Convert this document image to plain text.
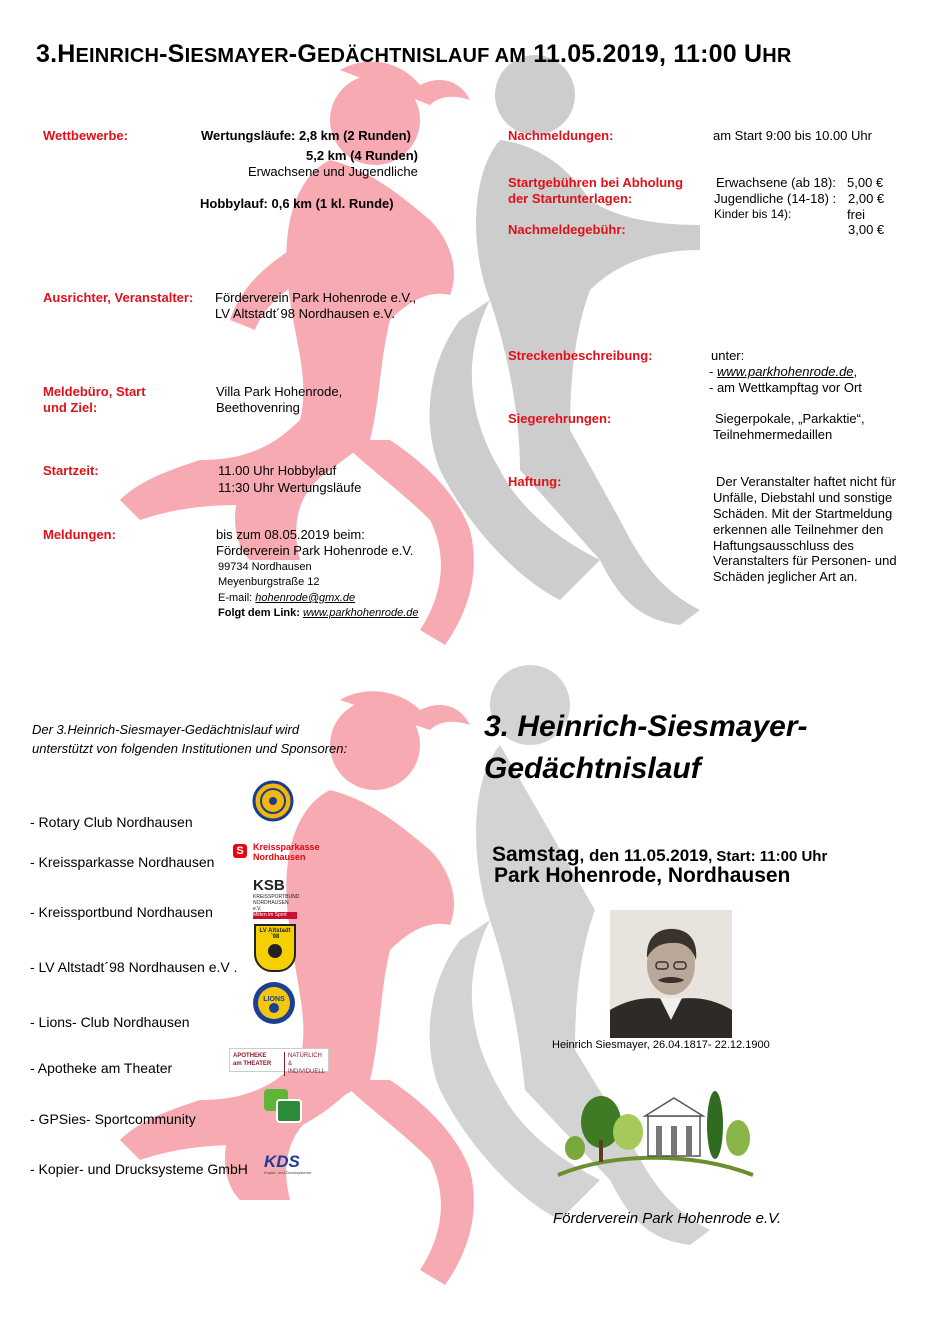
3.HEINRICH-SIESMAYER-GEDÄCHTNISLAUF AM 11.05.2019, 11:00 UHR
Wettbewerbe:	Wertungsläufe: 2,8 km (2 Runden)
5,2 km (4 Runden)
Erwachsene und Jugendliche
Hobbylauf: 0,6 km (1 kl. Runde)
Ausrichter, Veranstalter: Förderverein Park Hohenrode e.V.,
LV Altstadt´98 Nordhausen e.V.
Meldebüro, Start
und Ziel:
Villa Park Hohenrode,
Beethovenring
Startzeit:	11.00 Uhr Hobbylauf
11:30 Uhr Wertungsläufe
Meldungen:	bis zum 08.05.2019 beim:
Förderverein Park Hohenrode e.V.
99734 Nordhausen
Meyenburgstraße 12
E-mail: hohenrode@gmx.de
Folgt dem Link: www.parkhohenrode.de
Nachmeldungen:	am Start 9:00 bis 10.00 Uhr
Startgebühren bei Abholung
der Startunterlagen:
Erwachsene (ab 18): 5,00 €
Jugendliche (14-18) : 2,00 €
Kinder bis 14):	frei
Nachmeldegebühr:	3,00 €
Streckenbeschreibung:	unter:
- www.parkhohenrode.de,
- am Wettkampftag vor Ort
Siegerehrungen:	Siegerpokale, „Parkaktie“,
Teilnehmermedaillen
Haftung:	Der Veranstalter haftet nicht für
Unfälle, Diebstahl und sonstige
Schäden. Mit der Startmeldung
erkennen alle Teilnehmer den
Haftungsausschluss des
Veranstalters für Personen- und
Schäden jeglicher Art an.
Der 3.Heinrich-Siesmayer-Gedächtnislauf wird unterstützt von folgenden Institutionen und Sponsoren:
- Rotary Club Nordhausen
- Kreissparkasse Nordhausen
- Kreissportbund Nordhausen
- LV Altstadt´98 Nordhausen e.V .
- Lions- Club Nordhausen
- Apotheke am Theater
- GPSies- Sportcommunity
- Kopier- und Drucksysteme GmbH
S	Kreissparkasse
Nordhausen
KSB
KREISSPORTBUND
NORDHAUSEN e.V.
Mitten im Sport
LV Altstadt´98
LIONS
APOTHEKE
am THEATER
NATÜRLICH
& INDIVIDUELL
KDS
Kopier- und Drucksysteme
3. Heinrich-Siesmayer-
Gedächtnislauf
Samstag, den 11.05.2019, Start: 11:00 Uhr
Park Hohenrode, Nordhausen
Heinrich Siesmayer, 26.04.1817- 22.12.1900
Förderverein Park Hohenrode e.V.
